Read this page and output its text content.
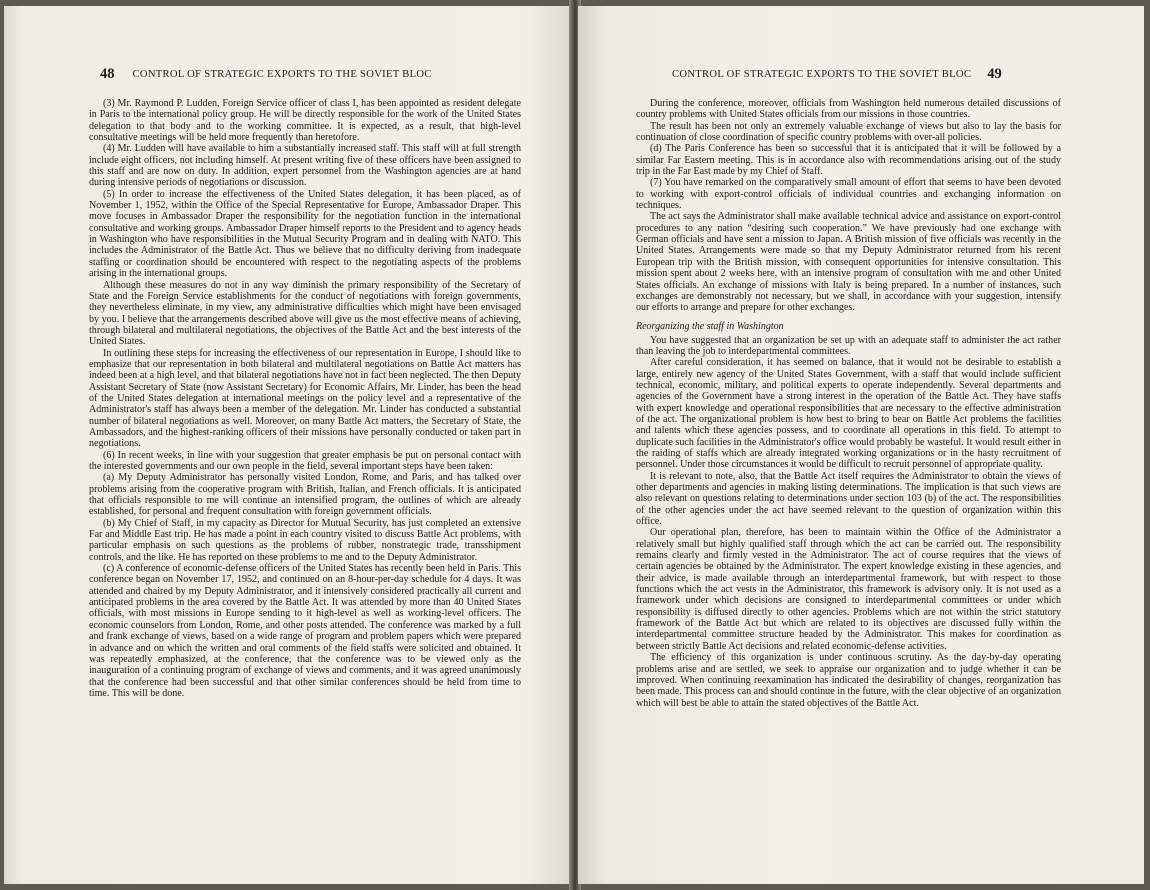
48 CONTROL OF STRATEGIC EXPORTS TO THE SOVIET BLOC

(3) Mr. Raymond P. Ludden, Foreign Service officer of class I, has been appointed as resident delegate in Paris to the international policy group. He will be directly responsible for the work of the United States delegation to that body and to the working committee. It is expected, as a result, that high-level consultative meetings will be held more frequently than heretofore.

(4) Mr. Ludden will have available to him a substantially increased staff. This staff will at full strength include eight officers, not including himself. At present writing five of these officers have been assigned to this staff and are now on duty. In addition, expert personnel from the Washington agencies are at hand during intensive periods of negotiations or discussion.

(5) In order to increase the effectiveness of the United States delegation, it has been placed, as of November 1, 1952, within the Office of the Special Representative for Europe, Ambassador Draper. This move focuses in Ambassador Draper the responsibility for the negotiation function in the international consultative and working groups. Ambassador Draper himself reports to the President and to agency heads in Washington who have responsibilities in the Mutual Security Program and in dealing with NATO. This includes the Administrator of the Battle Act. Thus we believe that no difficulty deriving from inadequate staffing or coordination should be encountered with respect to the negotiating aspects of the problems arising in the international groups.

Although these measures do not in any way diminish the primary responsibility of the Secretary of State and the Foreign Service establishments for the conduct of negotiations with foreign governments, they nevertheless eliminate, in my view, any administrative difficulties which might have been envisaged by you. I believe that the arrangements described above will give us the most effective means of achieving, through bilateral and multilateral negotiations, the objectives of the Battle Act and the best interests of the United States.

In outlining these steps for increasing the effectiveness of our representation in Europe, I should like to emphasize that our representation in both bilateral and multilateral negotiations on Battle Act matters has indeed been at a high level, and that bilateral negotiations have not in fact been neglected. The then Deputy Assistant Secretary of State (now Assistant Secretary) for Economic Affairs, Mr. Linder, has been the head of the United States delegation at international meetings on the policy level and a representative of the Administrator's staff has always been a member of the delegation. Mr. Linder has conducted a substantial number of bilateral negotiations as well. Moreover, on many Battle Act matters, the Secretary of State, the Ambassadors, and the highest-ranking officers of their missions have personally conducted or taken part in negotiations.

(6) In recent weeks, in line with your suggestion that greater emphasis be put on personal contact with the interested governments and our own people in the field, several important steps have been taken:

(a) My Deputy Administrator has personally visited London, Rome, and Paris, and has talked over problems arising from the cooperative program with British, Italian, and French officials. It is anticipated that officials responsible to me will continue an intensified program, the outlines of which are already established, for personal and frequent consultation with foreign government officials.

(b) My Chief of Staff, in my capacity as Director for Mutual Security, has just completed an extensive Far and Middle East trip. He has made a point in each country visited to discuss Battle Act problems, with particular emphasis on such questions as the problems of rubber, nonstrategic trade, transshipment controls, and the like. He has reported on these problems to me and to the Deputy Administrator.

(c) A conference of economic-defense officers of the United States has recently been held in Paris. This conference began on November 17, 1952, and continued on an 8-hour-per-day schedule for 4 days. It was attended and chaired by my Deputy Administrator, and it intensively considered practically all current and anticipated problems in the area covered by the Battle Act. It was attended by more than 40 United States officials, with most missions in Europe sending to it high-level as well as working-level officers. The economic counselors from London, Rome, and other posts attended. The conference was marked by a full and frank exchange of views, based on a wide range of program and problem papers which were prepared in advance and on which the written and oral comments of the field staffs were solicited and obtained. It was repeatedly emphasized, at the conference, that the conference was to be viewed only as the inauguration of a continuing program of exchange of views and comments, and it was agreed unanimously that the conference had been successful and that other similar conferences should be held from time to time. This will be done.

CONTROL OF STRATEGIC EXPORTS TO THE SOVIET BLOC 49

During the conference, moreover, officials from Washington held numerous detailed discussions of country problems with United States officials from our missions in those countries.

The result has been not only an extremely valuable exchange of views but also to lay the basis for continuation of close coordination of specific country problems with over-all policies.

(d) The Paris Conference has been so successful that it is anticipated that it will be followed by a similar Far Eastern meeting. This is in accordance also with recommendations arising out of the study trip in the Far East made by my Chief of Staff.

(7) You have remarked on the comparatively small amount of effort that seems to have been devoted to working with export-control officials of individual countries and exchanging information on techniques.

The act says the Administrator shall make available technical advice and assistance on export-control procedures to any nation “desiring such cooperation.” We have previously had one exchange with German officials and have sent a mission to Japan. A British mission of five officials was recently in the United States. Arrangements were made so that my Deputy Administrator returned from his recent European trip with the British mission, with consequent opportunities for intensive consultation. This mission spent about 2 weeks here, with an intensive program of consultation with me and other United States officials. An exchange of missions with Italy is being prepared. In a number of instances, such exchanges are demonstrably not necessary, but we shall, in accordance with your suggestion, intensify our efforts to arrange and prepare for other exchanges.

Reorganizing the staff in Washington

You have suggested that an organization be set up with an adequate staff to administer the act rather than leaving the job to interdepartmental committees.

After careful consideration, it has seemed on balance, that it would not be desirable to establish a large, entirely new agency of the United States Government, with a staff that would include sufficient technical, economic, military, and political experts to operate independently. Several departments and agencies of the Government have a strong interest in the operation of the Battle Act. They have staffs with expert knowledge and operational responsibilities that are necessary to the effective administration of the act. The organizational problem is how best to bring to bear on Battle Act problems the facilities and talents which these agencies possess, and to coordinate all operations in this field. To attempt to duplicate such facilities in the Administrator's office would probably be wasteful. It would result either in the raiding of staffs which are already integrated working organizations or in the hasty recruitment of personnel. Under those circumstances it would be difficult to recruit personnel of appropriate quality.

It is relevant to note, also, that the Battle Act itself requires the Administrator to obtain the views of other departments and agencies in making listing determinations. The implication is that such views are also relevant on questions relating to determinations under section 103 (b) of the act. The responsibilities of the other agencies under the act have seemed relevant to the question of organization within this office.

Our operational plan, therefore, has been to maintain within the Office of the Administrator a relatively small but highly qualified staff through which the act can be carried out. The responsibility remains clearly and firmly vested in the Administrator. The act of course requires that the views of certain agencies be obtained by the Administrator. The expert knowledge existing in these agencies, and their advice, is made available through an interdepartmental framework, but with respect to those functions which the act vests in the Administrator, this framework is advisory only. It is not used as a framework under which decisions are consigned to interdepartmental committees or under which responsibility is diffused directly to other agencies. Problems which are not within the strict statutory framework of the Battle Act but which are related to its objectives are discussed fully within the interdepartmental committee structure headed by the Administrator. This makes for coordination as between strictly Battle Act decisions and related economic-defense activities.

The efficiency of this organization is under continuous scrutiny. As the day-by-day operating problems arise and are settled, we seek to appraise our organization and to judge whether it can be improved. When continuing reexamination has indicated the desirability of changes, reorganization has been made. This process can and should continue in the future, with the clear objective of an organization which will best be able to attain the stated objectives of the Battle Act.
